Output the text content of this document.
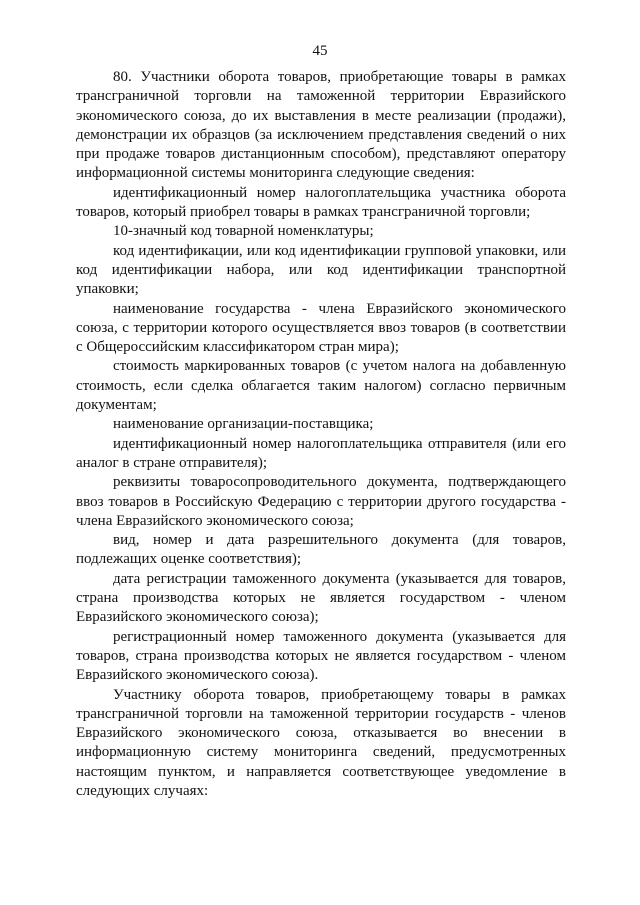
45

80. Участники оборота товаров, приобретающие товары в рамках трансграничной торговли на таможенной территории Евразийского экономического союза, до их выставления в месте реализации (продажи), демонстрации их образцов (за исключением представления сведений о них при продаже товаров дистанционным способом), представляют оператору информационной системы мониторинга следующие сведения:

идентификационный номер налогоплательщика участника оборота товаров, который приобрел товары в рамках трансграничной торговли;

10-значный код товарной номенклатуры;

код идентификации, или код идентификации групповой упаковки, или код идентификации набора, или код идентификации транспортной упаковки;

наименование государства - члена Евразийского экономического союза, с территории которого осуществляется ввоз товаров (в соответствии с Общероссийским классификатором стран мира);

стоимость маркированных товаров (с учетом налога на добавленную стоимость, если сделка облагается таким налогом) согласно первичным документам;

наименование организации-поставщика;

идентификационный номер налогоплательщика отправителя (или его аналог в стране отправителя);

реквизиты товаросопроводительного документа, подтверждающего ввоз товаров в Российскую Федерацию с территории другого государства - члена Евразийского экономического союза;

вид, номер и дата разрешительного документа (для товаров, подлежащих оценке соответствия);

дата регистрации таможенного документа (указывается для товаров, страна производства которых не является государством - членом Евразийского экономического союза);

регистрационный номер таможенного документа (указывается для товаров, страна производства которых не является государством - членом Евразийского экономического союза).

Участнику оборота товаров, приобретающему товары в рамках трансграничной торговли на таможенной территории государств - членов Евразийского экономического союза, отказывается во внесении в информационную систему мониторинга сведений, предусмотренных настоящим пунктом, и направляется соответствующее уведомление в следующих случаях:
